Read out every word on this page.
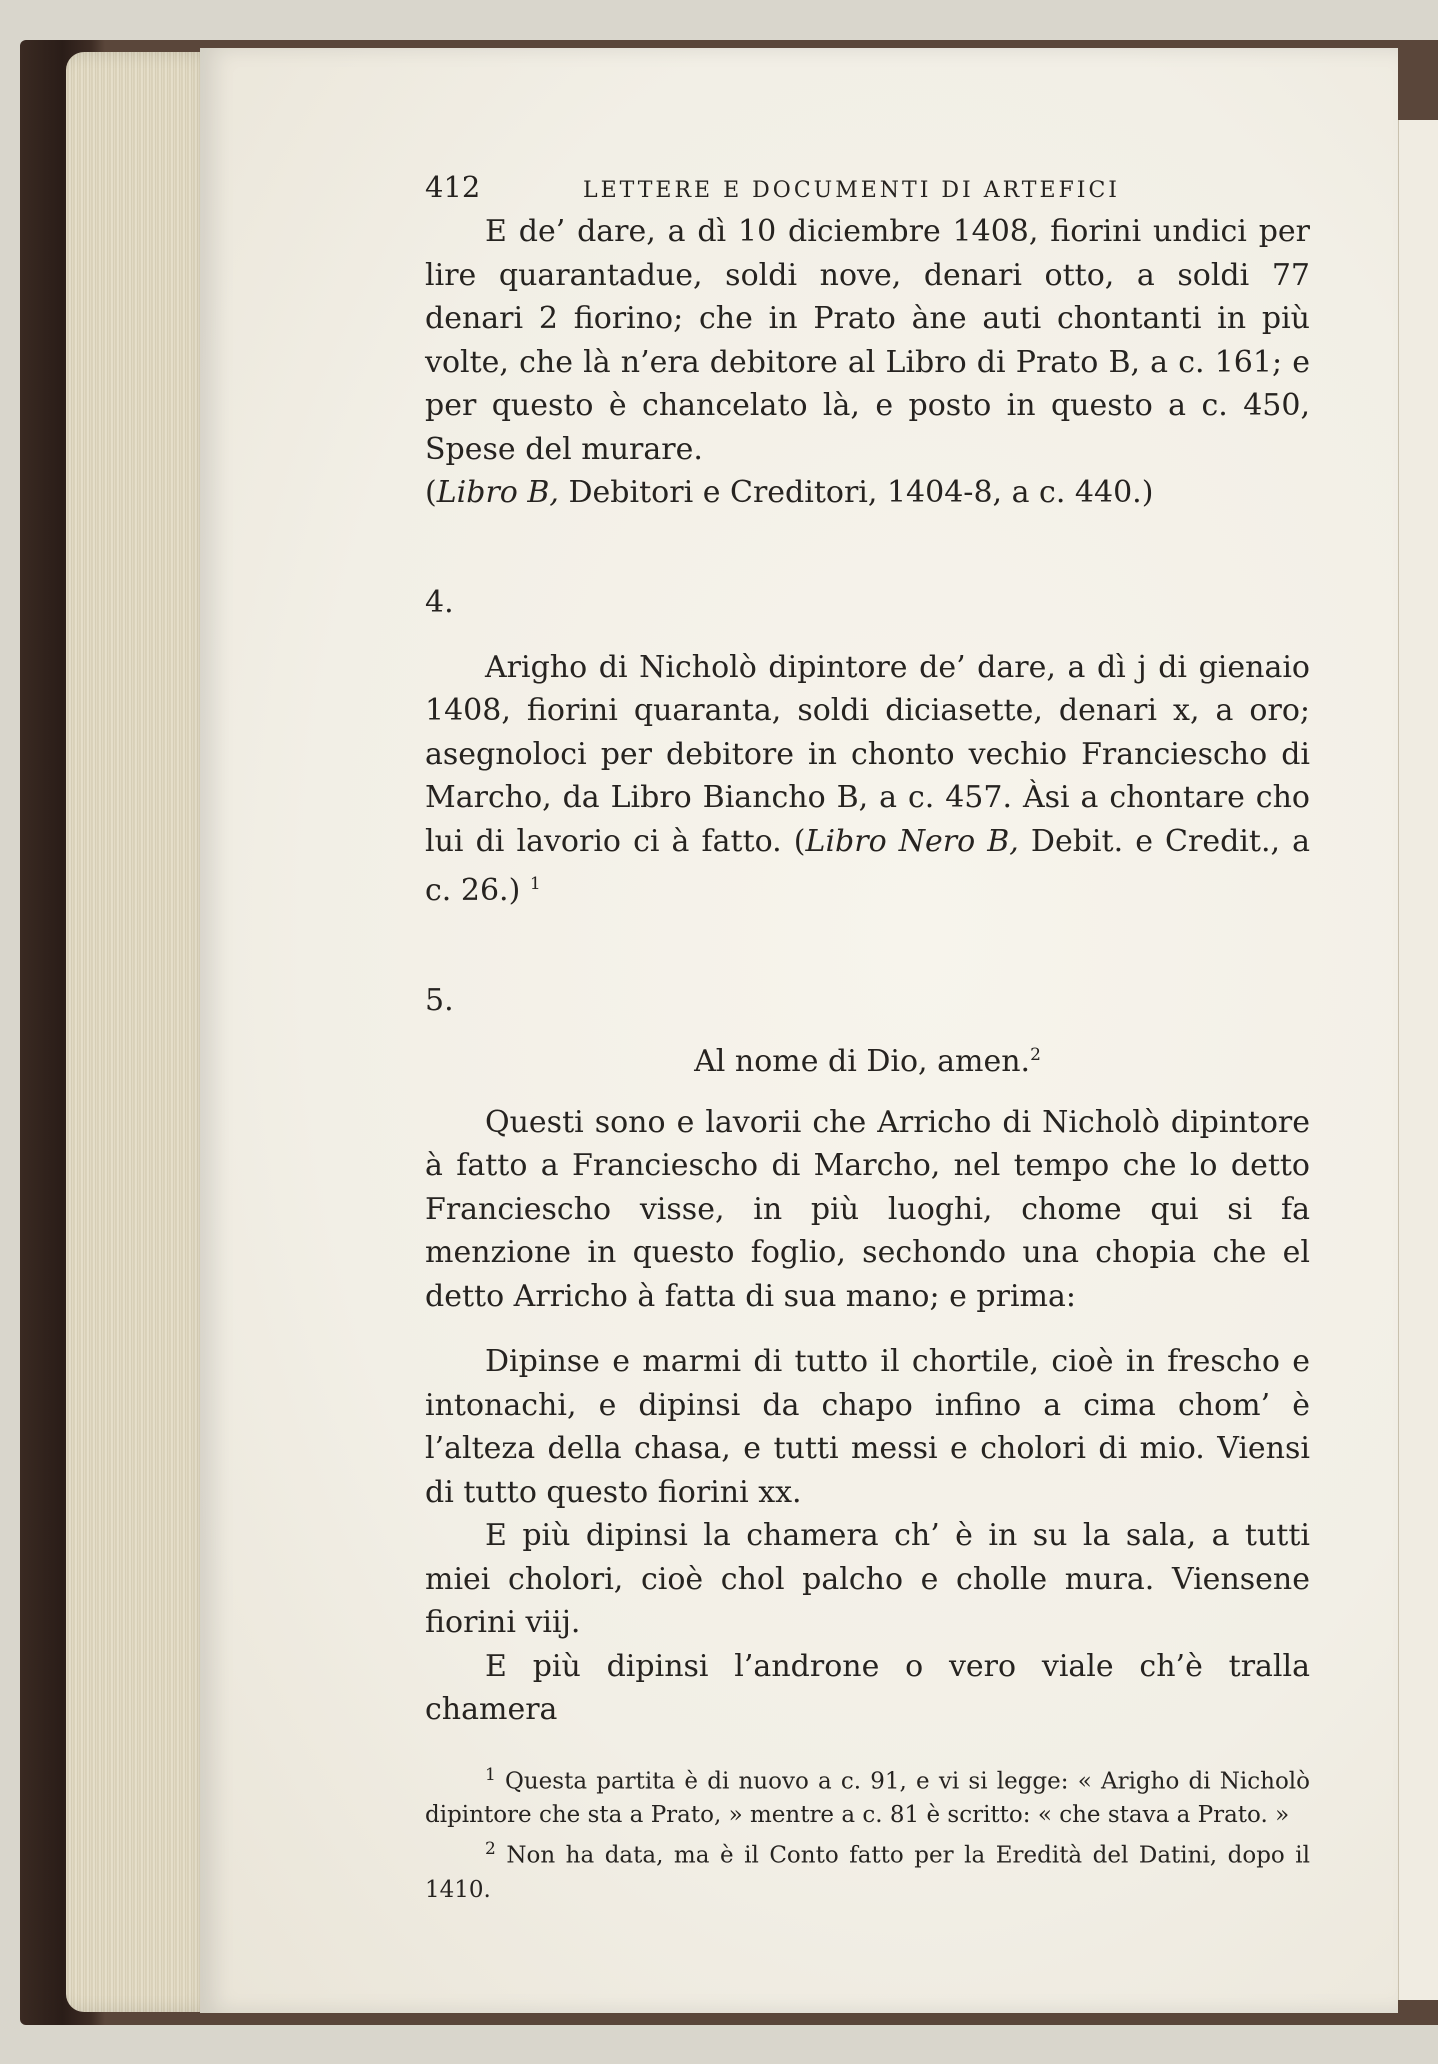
412	LETTERE E DOCUMENTI DI ARTEFICI

E de’ dare, a dì 10 diciembre 1408, fiorini undici per lire quarantadue, soldi nove, denari otto, a soldi 77 denari 2 fiorino; che in Prato àne auti chontanti in più volte, che là n’era debitore al Libro di Prato B, a c. 161; e per questo è chancelato là, e posto in questo a c. 450, Spese del murare.
(Libro B, Debitori e Creditori, 1404-8, a c. 440.)

4.

Arigho di Nicholò dipintore de’ dare, a dì j di gienaio 1408, fiorini quaranta, soldi diciasette, denari x, a oro; asegnoloci per debitore in chonto vechio Franciescho di Marcho, da Libro Biancho B, a c. 457. Àsi a chontare cho lui di lavorio ci à fatto. (Libro Nero B, Debit. e Credit., a c. 26.) $^1$

5.
Al nome di Dio, amen.$^2$

Questi sono e lavorii che Arricho di Nicholò dipintore à fatto a Franciescho di Marcho, nel tempo che lo detto Franciescho visse, in più luoghi, chome qui si fa menzione in questo foglio, sechondo una chopia che el detto Arricho à fatta di sua mano; e prima:

Dipinse e marmi di tutto il chortile, cioè in frescho e intonachi, e dipinsi da chapo infino a cima chom’ è l’alteza della chasa, e tutti messi e cholori di mio. Viensi di tutto questo fiorini xx.

E più dipinsi la chamera ch’ è in su la sala, a tutti miei cholori, cioè chol palcho e cholle mura. Viensene fiorini viij.

E più dipinsi l’androne o vero viale ch’è tralla chamera

$^1$ Questa partita è di nuovo a c. 91, e vi si legge: « Arigho di Nicholò dipintore che sta a Prato, » mentre a c. 81 è scritto: « che stava a Prato. »

$^2$ Non ha data, ma è il Conto fatto per la Eredità del Datini, dopo il 1410.
